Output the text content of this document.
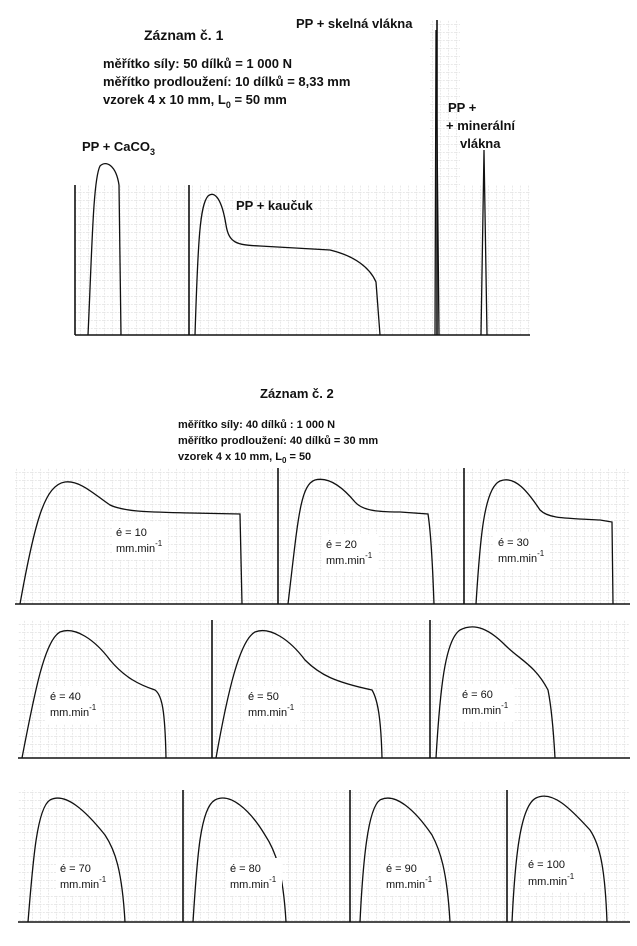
Záznam č. 1
měřítko síly: 50 dílků = 1 000 N
měřítko prodloužení: 10 dílků = 8,33 mm
vzorek 4 x 10 mm, $L_0 = 50$ mm
PP + CaCO$_3$
PP + kaučuk
PP + skelná vlákna
PP +
+ minerální
vlákna
Záznam č. 2
měřítko síly: 40 dílků : 1 000 N
měřítko prodloužení: 40 dílků = 30 mm
vzorek 4 x 10 mm, $L_0 = 50$
é = 10
$mm.\min^{-1}$	é = 20
$mm.\min^{-1}$
é = 30
$mm.\min^{-1}$
é = 40
$mm.\min^{-1}$
é = 50
$mm.\min^{-1}$
é = 60
$mm.\min^{-1}$
é = 70
$mm.\min^{-1}$
é = 80
$mm.\min^{-1}$
é = 90
$mm.\min^{-1}$
é = 100
$mm.\min^{-1}$
